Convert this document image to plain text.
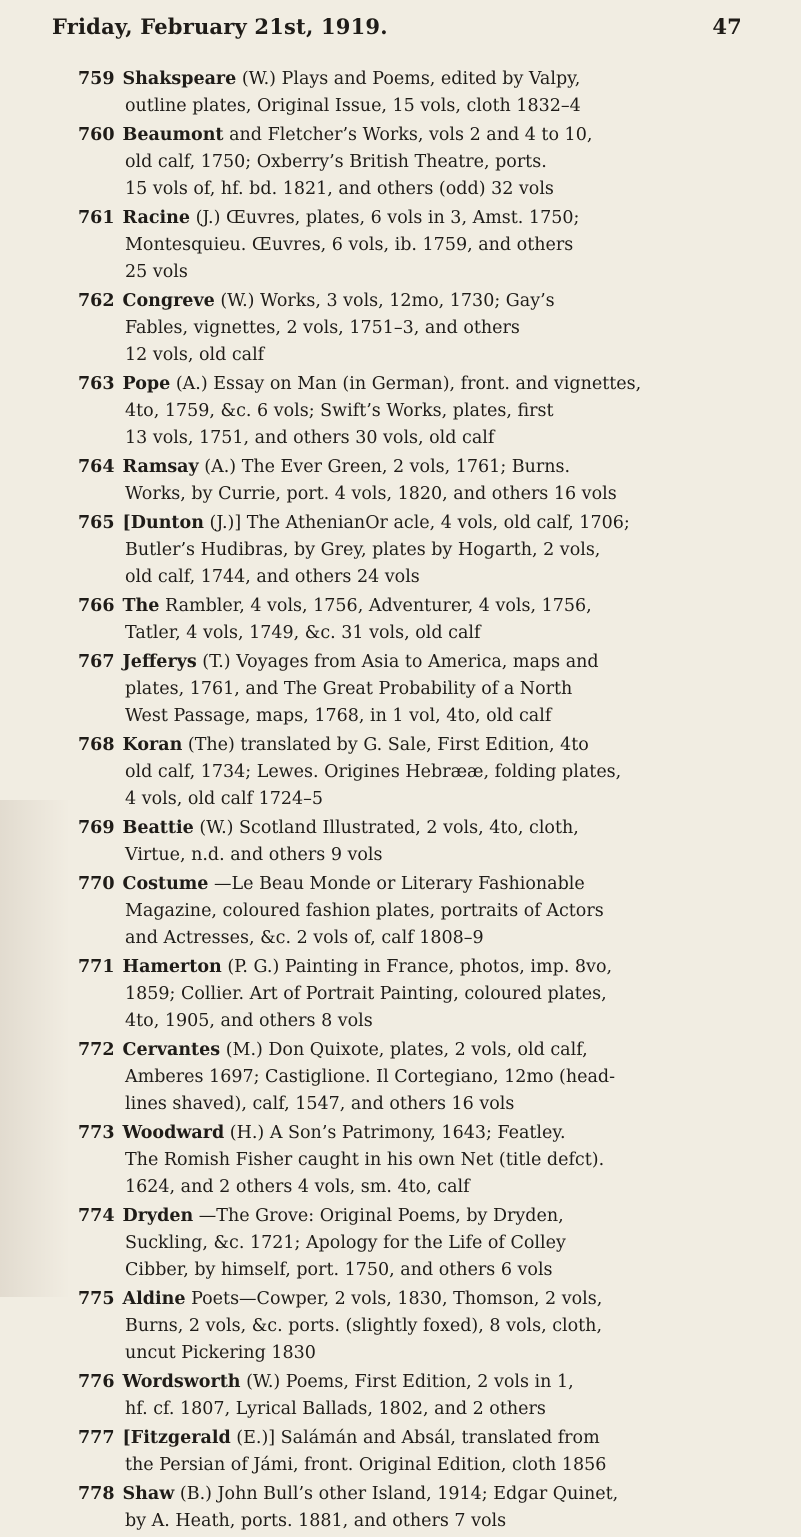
Friday, February 21st, 1919.	47
759 Shakspeare (W.) Plays and Poems, edited by Valpy,
outline plates, Original Issue, 15 vols, cloth 1832–4
760 Beaumont and Fletcher’s Works, vols 2 and 4 to 10,
old calf, 1750; Oxberry’s British Theatre, ports.
15 vols of, hf. bd. 1821, and others (odd) 32 vols
761 Racine (J.) Œuvres, plates, 6 vols in 3, Amst. 1750;
Montesquieu. Œuvres, 6 vols, ib. 1759, and others
25 vols
762 Congreve (W.) Works, 3 vols, 12mo, 1730; Gay’s
Fables, vignettes, 2 vols, 1751–3, and others
12 vols, old calf
763 Pope (A.) Essay on Man (in German), front. and vignettes,
4to, 1759, &c. 6 vols; Swift’s Works, plates, first
13 vols, 1751, and others 30 vols, old calf
764 Ramsay (A.) The Ever Green, 2 vols, 1761; Burns.
Works, by Currie, port. 4 vols, 1820, and others 16 vols
765 [Dunton (J.)] The AthenianOr acle, 4 vols, old calf, 1706;
Butler’s Hudibras, by Grey, plates by Hogarth, 2 vols,
old calf, 1744, and others 24 vols
766 The Rambler, 4 vols, 1756, Adventurer, 4 vols, 1756,
Tatler, 4 vols, 1749, &c. 31 vols, old calf
767 Jefferys (T.) Voyages from Asia to America, maps and
plates, 1761, and The Great Probability of a North
West Passage, maps, 1768, in 1 vol, 4to, old calf
768 Koran (The) translated by G. Sale, First Edition, 4to
old calf, 1734; Lewes. Origines Hebrææ, folding plates,
4 vols, old calf 1724–5
769 Beattie (W.) Scotland Illustrated, 2 vols, 4to, cloth,
Virtue, n.d. and others 9 vols
770 Costume —Le Beau Monde or Literary Fashionable
Magazine, coloured fashion plates, portraits of Actors
and Actresses, &c. 2 vols of, calf 1808–9
771 Hamerton (P. G.) Painting in France, photos, imp. 8vo,
1859; Collier. Art of Portrait Painting, coloured plates,
4to, 1905, and others 8 vols
772 Cervantes (M.) Don Quixote, plates, 2 vols, old calf,
Amberes 1697; Castiglione. Il Cortegiano, 12mo (head-
lines shaved), calf, 1547, and others 16 vols
773 Woodward (H.) A Son’s Patrimony, 1643; Featley.
The Romish Fisher caught in his own Net (title defct).
1624, and 2 others 4 vols, sm. 4to, calf
774 Dryden —The Grove: Original Poems, by Dryden,
Suckling, &c. 1721; Apology for the Life of Colley
Cibber, by himself, port. 1750, and others 6 vols
775 Aldine Poets—Cowper, 2 vols, 1830, Thomson, 2 vols,
Burns, 2 vols, &c. ports. (slightly foxed), 8 vols, cloth,
uncut Pickering 1830
776 Wordsworth (W.) Poems, First Edition, 2 vols in 1,
hf. cf. 1807, Lyrical Ballads, 1802, and 2 others
777 [Fitzgerald (E.)] Salámán and Absál, translated from
the Persian of Jámi, front. Original Edition, cloth 1856
778 Shaw (B.) John Bull’s other Island, 1914; Edgar Quinet,
by A. Heath, ports. 1881, and others 7 vols
